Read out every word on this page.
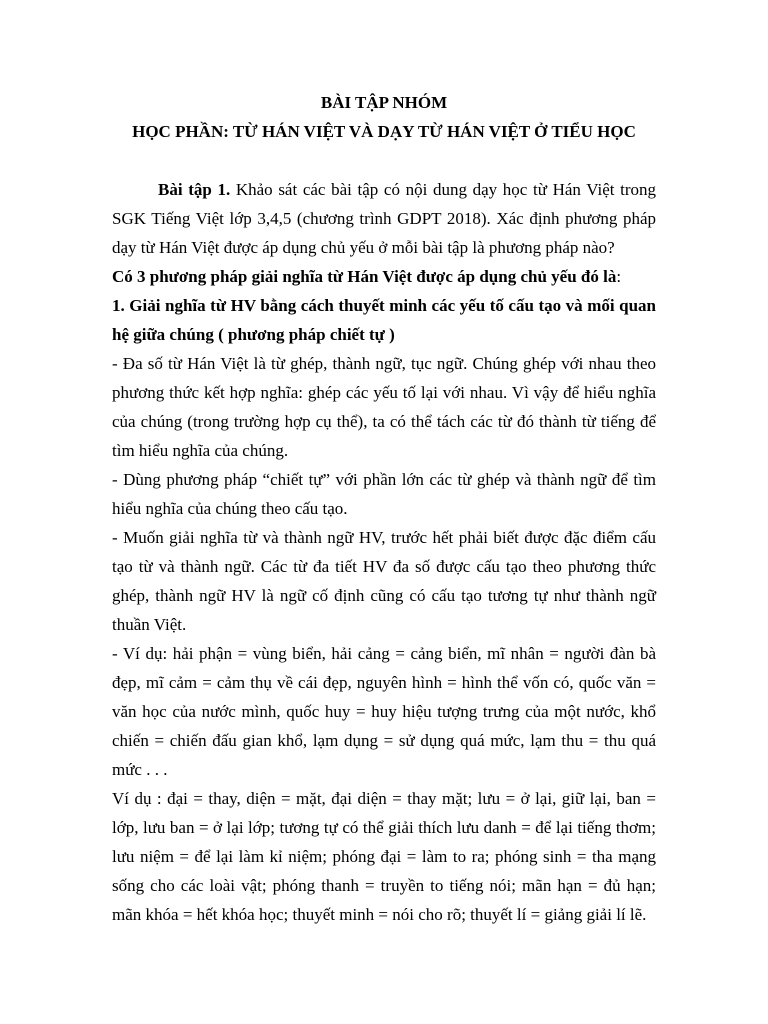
BÀI TẬP NHÓM

HỌC PHẦN: TỪ HÁN VIỆT VÀ DẠY TỪ HÁN VIỆT Ở TIỂU HỌC

Bài tập 1. Khảo sát các bài tập có nội dung dạy học từ Hán Việt trong SGK Tiếng Việt lớp 3,4,5 (chương trình GDPT 2018). Xác định phương pháp dạy từ Hán Việt được áp dụng chủ yếu ở mỗi bài tập là phương pháp nào?

Có 3 phương pháp giải nghĩa từ Hán Việt được áp dụng chủ yếu đó là:

1. Giải nghĩa từ HV bằng cách thuyết minh các yếu tố cấu tạo và mối quan hệ giữa chúng ( phương pháp chiết tự )

- Đa số từ Hán Việt là từ ghép, thành ngữ, tục ngữ. Chúng ghép với nhau theo phương thức kết hợp nghĩa: ghép các yếu tố lại với nhau. Vì vậy để hiểu nghĩa của chúng (trong trường hợp cụ thể), ta có thể tách các từ đó thành từ tiếng để tìm hiểu nghĩa của chúng.

- Dùng phương pháp “chiết tự” với phần lớn các từ ghép và thành ngữ để tìm hiểu nghĩa của chúng theo cấu tạo.

- Muốn giải nghĩa từ và thành ngữ HV, trước hết phải biết được đặc điểm cấu tạo từ và thành ngữ. Các từ đa tiết HV đa số được cấu tạo theo phương thức ghép, thành ngữ HV là ngữ cố định cũng có cấu tạo tương tự như thành ngữ thuần Việt.

- Ví dụ: hải phận = vùng biển, hải cảng = cảng biển, mĩ nhân = người đàn bà đẹp, mĩ cảm = cảm thụ về cái đẹp, nguyên hình = hình thể vốn có, quốc văn = văn học của nước mình, quốc huy = huy hiệu tượng trưng của một nước, khổ chiến = chiến đấu gian khổ, lạm dụng = sử dụng quá mức, lạm thu = thu quá mức . . .

Ví dụ : đại = thay, diện = mặt, đại diện = thay mặt; lưu = ở lại, giữ lại, ban = lớp, lưu ban = ở lại lớp; tương tự có thể giải thích lưu danh = để lại tiếng thơm; lưu niệm = để lại làm kỉ niệm; phóng đại = làm to ra; phóng sinh = tha mạng sống cho các loài vật; phóng thanh = truyền to tiếng nói; mãn hạn = đủ hạn; mãn khóa = hết khóa học; thuyết minh = nói cho rõ; thuyết lí = giảng giải lí lẽ.
